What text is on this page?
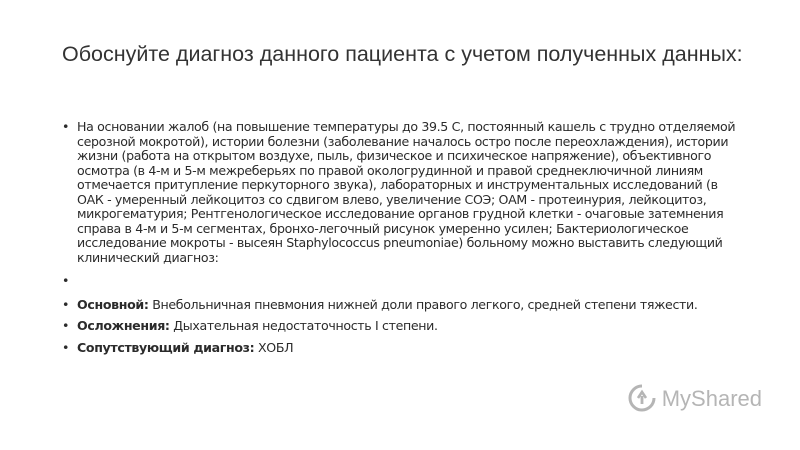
Обоснуйте диагноз данного пациента с учетом полученных данных:
• На основании жалоб (на повышение температуры до 39.5 C, постоянный кашель с трудно отделяемой серозной мокротой), истории болезни (заболевание началось остро после переохлаждения), истории жизни (работа на открытом воздухе, пыль, физическое и психическое напряжение), объективного осмотра (в 4-м и 5-м межреберьях по правой окологрудинной и правой среднеключичной линиям отмечается притупление перкуторного звука), лабораторных и инструментальных исследований (в ОАК - умеренный лейкоцитоз со сдвигом влево, увеличение СОЭ; ОАМ - протеинурия, лейкоцитоз, микрогематурия; Рентгенологическое исследование органов грудной клетки - очаговые затемнения справа в 4-м и 5-м сегментах, бронхо-легочный рисунок умеренно усилен; Бактериологическое исследование мокроты - высеян Staphylococcus pneumoniae) больному можно выставить следующий клинический диагноз:
•
• Основной: Внебольничная пневмония нижней доли правого легкого, средней степени тяжести.
• Осложнения: Дыхательная недостаточность I степени.
• Сопутствующий диагноз: ХОБЛ
MyShared
